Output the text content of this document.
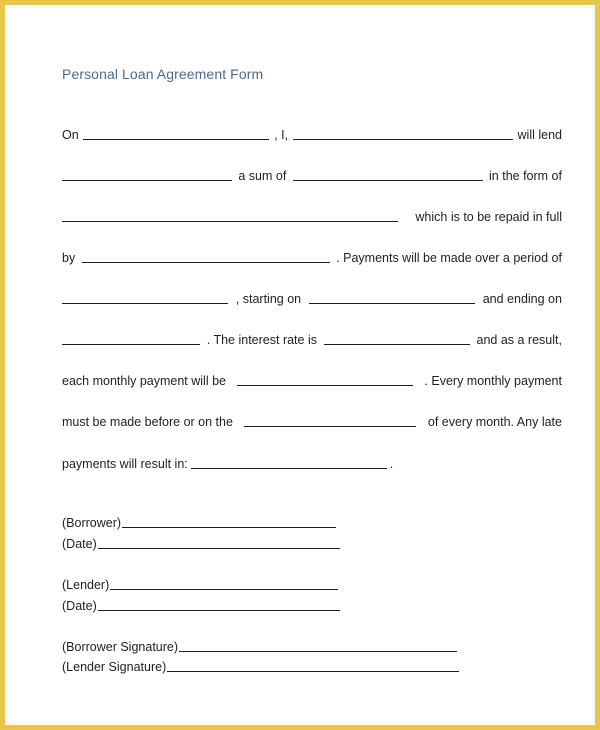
Personal Loan Agreement Form
On	, I,	will lend
a sum of	in the form of
which is to be repaid in full
by	. Payments will be made over a period of
, starting on	and ending on
. The interest rate is	and as a result,
each monthly payment will be	. Every monthly payment
must be made before or on the	of every month. Any late
payments will result in:	.
(Borrower)
(Date)
(Lender)
(Date)
(Borrower Signature)
(Lender Signature)
